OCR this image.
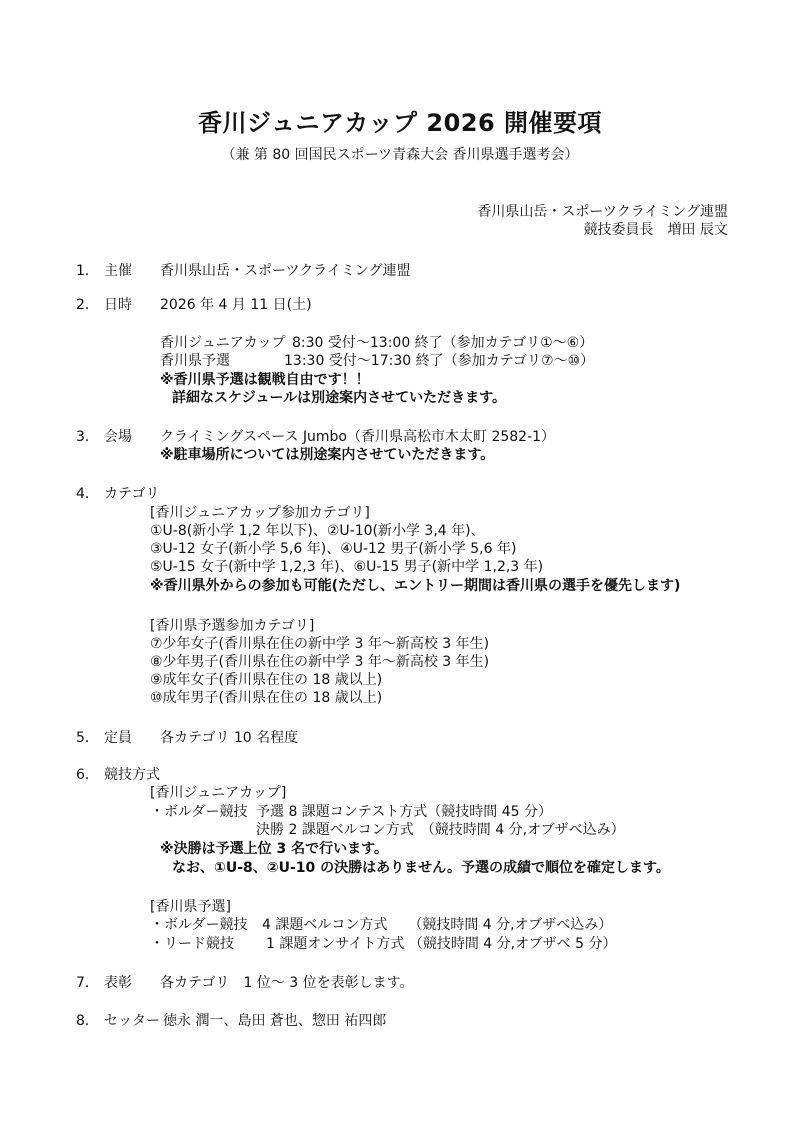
香川ジュニアカップ 2026 開催要項
（兼 第 80 回国民スポーツ青森大会 香川県選手選考会）
香川県山岳・スポーツクライミング連盟
競技委員長　増田 辰文
1． 主催 香川県山岳・スポーツクライミング連盟
2． 日時 2026 年 4 月 11 日(土)
香川ジュニアカップ 8:30 受付～13:00 終了（参加カテゴリ①～⑥）
香川県予選	13:30 受付～17:30 終了（参加カテゴリ⑦～⑩）
※香川県予選は観戦自由です！！
詳細なスケジュールは別途案内させていただきます。
3． 会場 クライミングスペース Jumbo（香川県高松市木太町 2582-1）
※駐車場所については別途案内させていただきます。
4． カテゴリ
[香川ジュニアカップ参加カテゴリ]
①U-8(新小学 1,2 年以下)、②U-10(新小学 3,4 年)、
③U-12 女子(新小学 5,6 年)、④U-12 男子(新小学 5,6 年)
⑤U-15 女子(新中学 1,2,3 年)、⑥U-15 男子(新中学 1,2,3 年)
※香川県外からの参加も可能(ただし、エントリー期間は香川県の選手を優先します)
[香川県予選参加カテゴリ]
⑦少年女子(香川県在住の新中学 3 年～新高校 3 年生)
⑧少年男子(香川県在住の新中学 3 年～新高校 3 年生)
⑨成年女子(香川県在住の 18 歳以上)
⑩成年男子(香川県在住の 18 歳以上)
5． 定員 各カテゴリ 10 名程度
6． 競技方式
[香川ジュニアカップ]
・ボルダー競技 予選 8 課題コンテスト方式（競技時間 45 分）
決勝 2 課題ベルコン方式　（競技時間 4 分,オブザベ込み）
※決勝は予選上位 3 名で行います。
なお、①U-8、②U-10 の決勝はありません。予選の成績で順位を確定します。
[香川県予選]
・ボルダー競技 4 課題ベルコン方式　　（競技時間 4 分,オブザベ込み）
・リード競技 1 課題オンサイト方式 （競技時間 4 分,オブザベ 5 分）
7． 表彰 各カテゴリ　1 位～ 3 位を表彰します。
8． セッター 徳永 潤一、島田 蒼也、惣田 祐四郎
